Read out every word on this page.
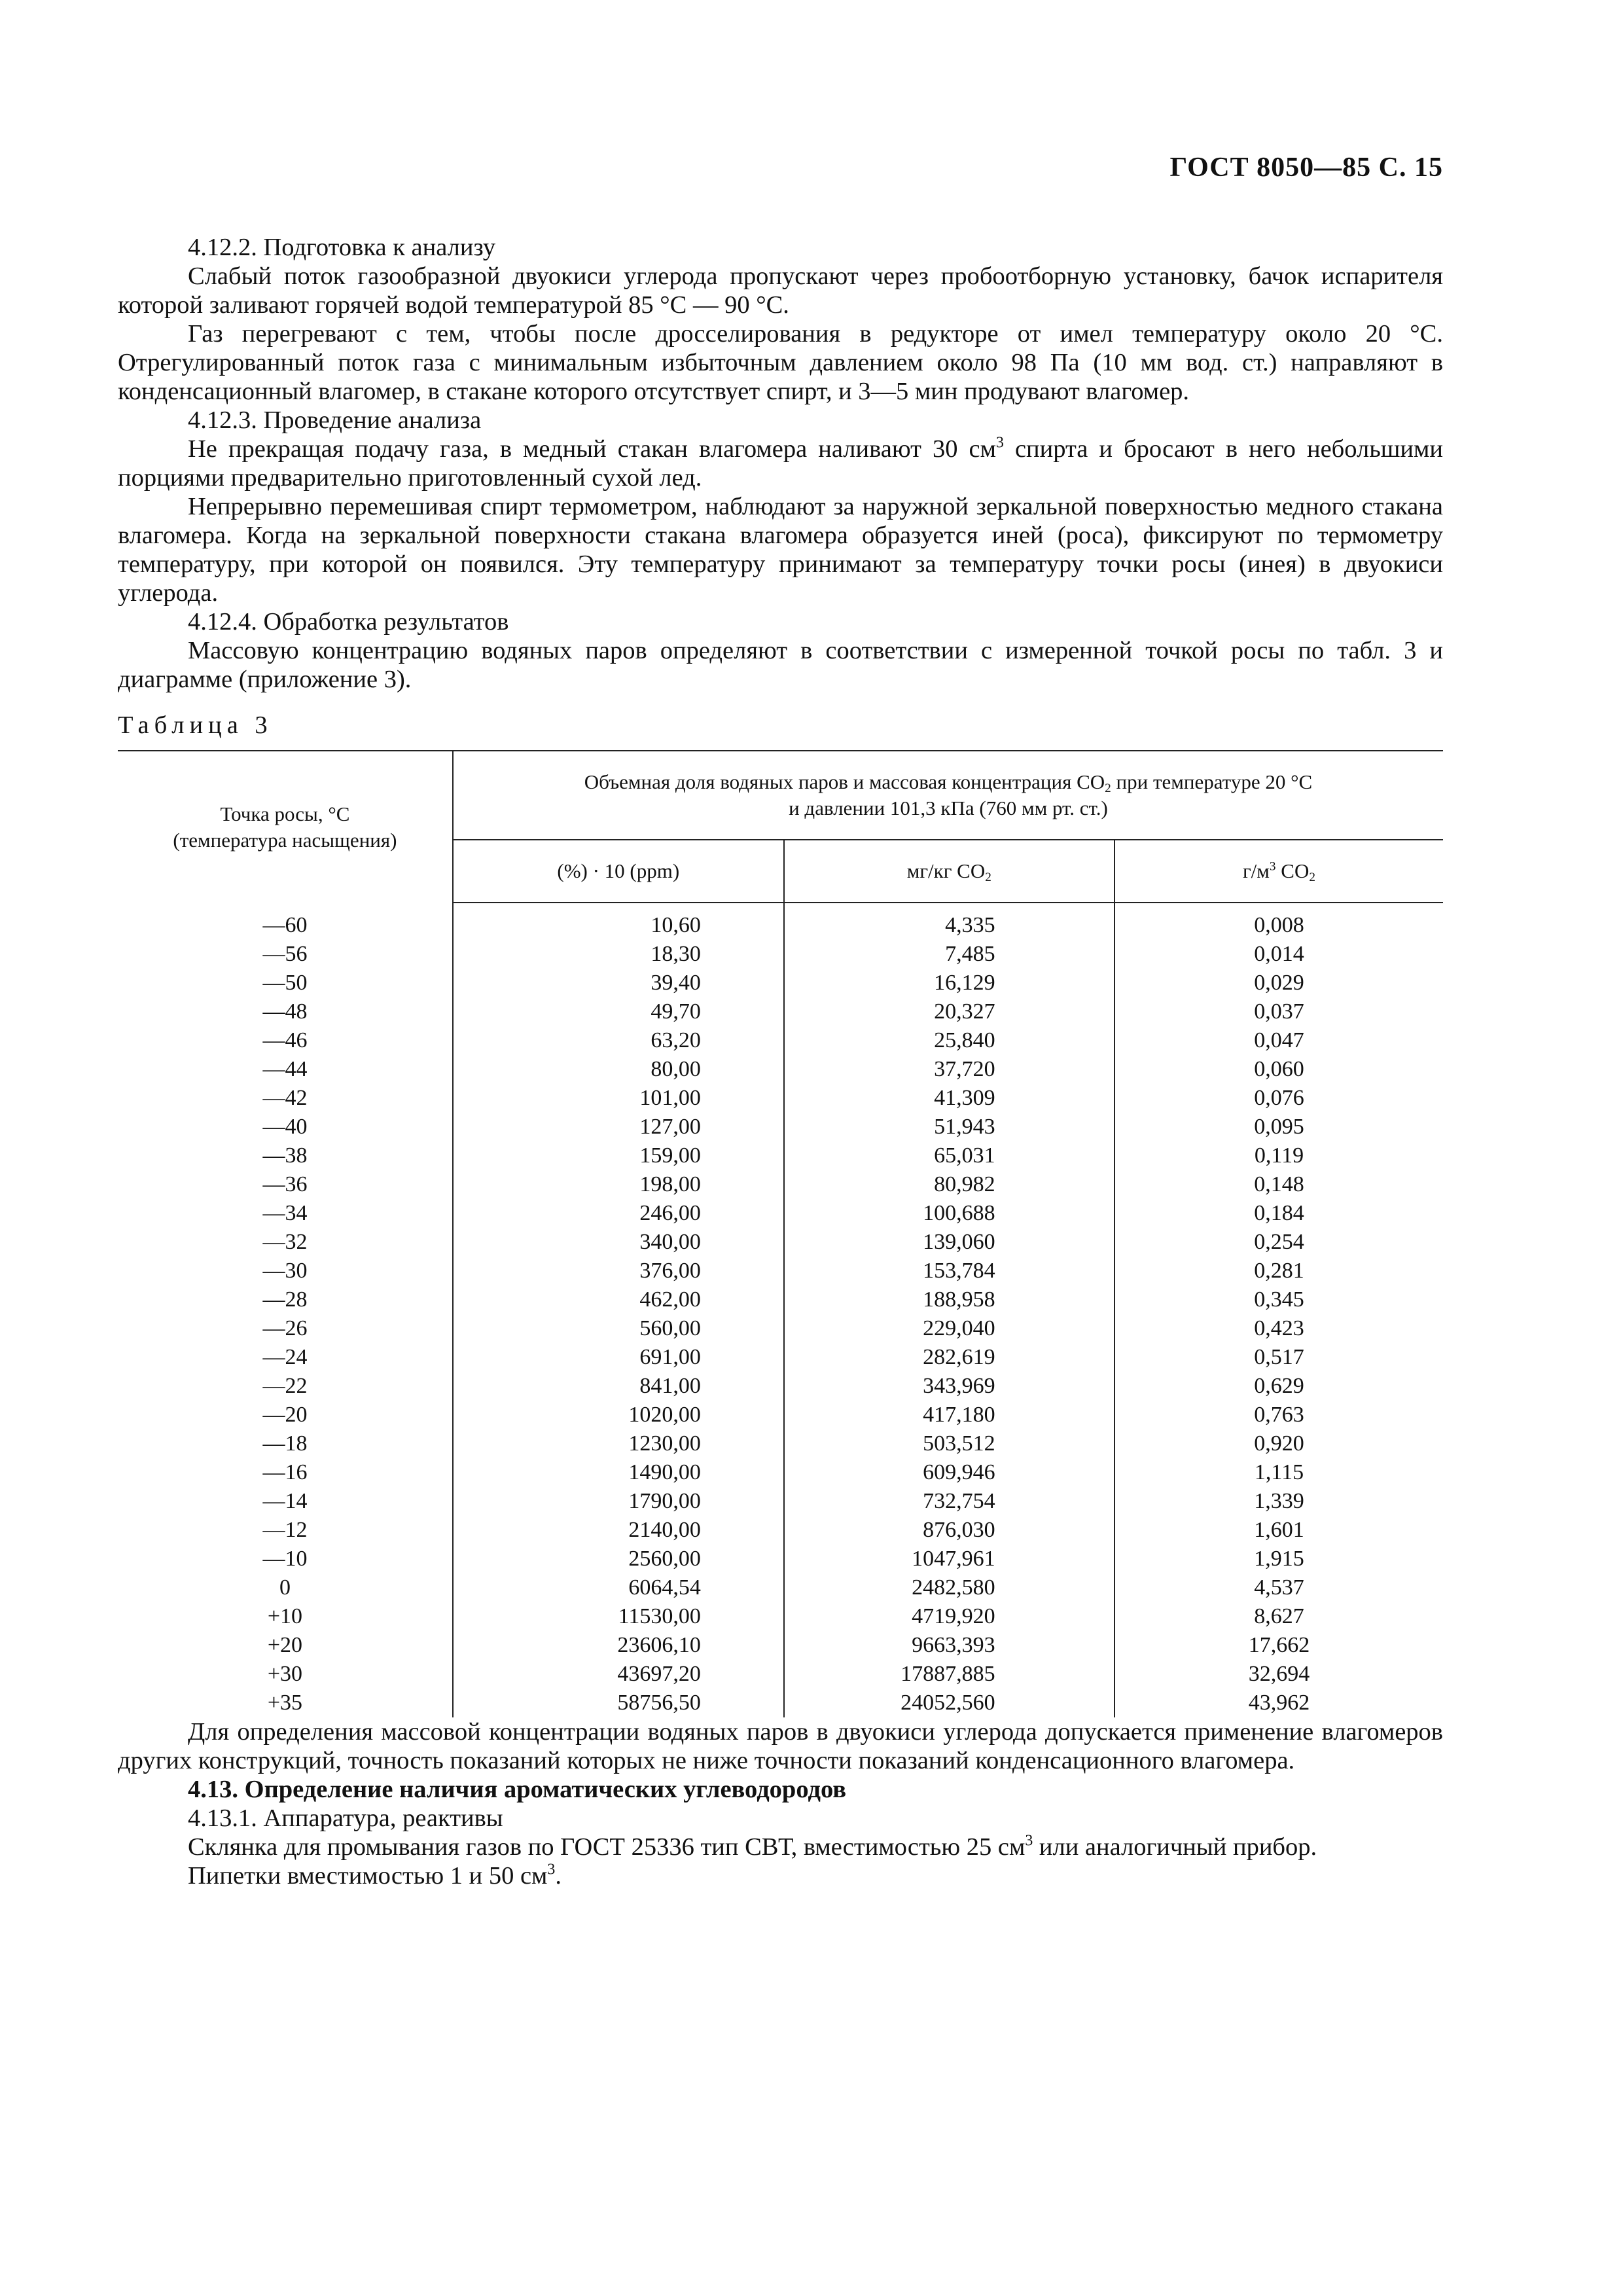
ГОСТ 8050—85 С. 15

4.12.2. Подготовка к анализу

Слабый поток газообразной двуокиси углерода пропускают через пробоотборную установку, бачок испарителя которой заливают горячей водой температурой 85 °С — 90 °С.

Газ перегревают с тем, чтобы после дросселирования в редукторе от имел температуру около 20 °С. Отрегулированный поток газа с минимальным избыточным давлением около 98 Па (10 мм вод. ст.) направляют в конденсационный влагомер, в стакане которого отсутствует спирт, и 3—5 мин продувают влагомер.

4.12.3. Проведение анализа

Не прекращая подачу газа, в медный стакан влагомера наливают 30 $см^3$ спирта и бросают в него небольшими порциями предварительно приготовленный сухой лед.

Непрерывно перемешивая спирт термометром, наблюдают за наружной зеркальной поверхностью медного стакана влагомера. Когда на зеркальной поверхности стакана влагомера образуется иней (роса), фиксируют по термометру температуру, при которой он появился. Эту температуру принимают за температуру точки росы (инея) в двуокиси углерода.

4.12.4. Обработка результатов

Массовую концентрацию водяных паров определяют в соответствии с измеренной точкой росы по табл. 3 и диаграмме (приложение 3).

Таблица 3

Точка росы, °С
(температура насыщения)	Объемная доля водяных паров и массовая концентрация $СО_2$ при температуре 20 °С
и давлении 101,3 кПа (760 мм рт. ст.)		
	(%) · 10 (ppm)	мг/кг $СО_2$	$г/м^3$ $СО_2$
—60	10,60	4,335	0,008
—56	18,30	7,485	0,014
—50	39,40	16,129	0,029
—48	49,70	20,327	0,037
—46	63,20	25,840	0,047
—44	80,00	37,720	0,060
—42	101,00	41,309	0,076
—40	127,00	51,943	0,095
—38	159,00	65,031	0,119
—36	198,00	80,982	0,148
—34	246,00	100,688	0,184
—32	340,00	139,060	0,254
—30	376,00	153,784	0,281
—28	462,00	188,958	0,345
—26	560,00	229,040	0,423
—24	691,00	282,619	0,517
—22	841,00	343,969	0,629
—20	1020,00	417,180	0,763
—18	1230,00	503,512	0,920
—16	1490,00	609,946	1,115
—14	1790,00	732,754	1,339
—12	2140,00	876,030	1,601
—10	2560,00	1047,961	1,915
0	6064,54	2482,580	4,537
+10	11530,00	4719,920	8,627
+20	23606,10	9663,393	17,662
+30	43697,20	17887,885	32,694
+35	58756,50	24052,560	43,962

Для определения массовой концентрации водяных паров в двуокиси углерода допускается применение влагомеров других конструкций, точность показаний которых не ниже точности показаний конденсационного влагомера.

4.13. Определение наличия ароматических углеводородов

4.13.1. Аппаратура, реактивы

Склянка для промывания газов по ГОСТ 25336 тип СВТ, вместимостью 25 $см^3$ или аналогичный прибор.

Пипетки вместимостью 1 и 50 $см^3$.
